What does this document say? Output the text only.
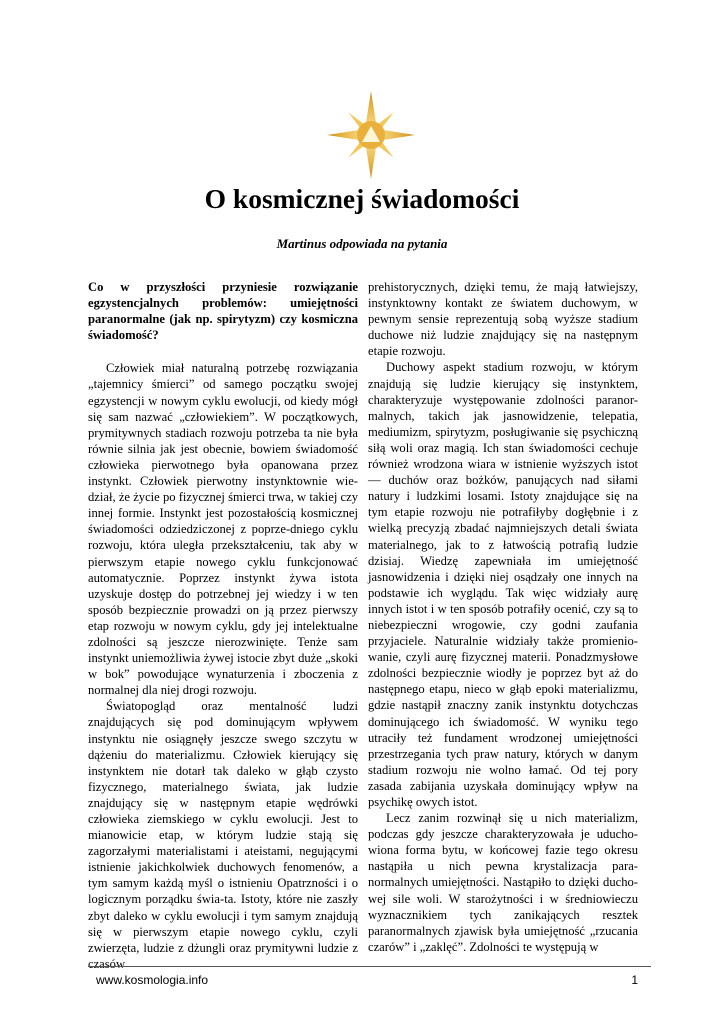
O kosmicznej świadomości

Martinus odpowiada na pytania

Co w przyszłości przyniesie rozwiązanie egzystencjalnych problemów: umiejętności paranormalne (jak np. spirytyzm) czy kosmiczna świadomość?

Człowiek miał naturalną potrzebę rozwiązania „tajemnicy śmierci” od samego początku swojej egzystencji w nowym cyklu ewolucji, od kiedy mógł się sam nazwać „człowiekiem”. W początkowych, prymitywnych stadiach rozwoju potrzeba ta nie była równie silnia jak jest obecnie, bowiem świadomość człowieka pierwotnego była opanowana przez instynkt. Człowiek pierwotny instynktownie wie-dział, że życie po fizycznej śmierci trwa, w takiej czy innej formie. Instynkt jest pozostałością kosmicznej świadomości odziedziczonej z poprze-dniego cyklu rozwoju, która uległa przekształceniu, tak aby w pierwszym etapie nowego cyklu funkcjonować automatycznie. Poprzez instynkt żywa istota uzyskuje dostęp do potrzebnej jej wiedzy i w ten sposób bezpiecznie prowadzi on ją przez pierwszy etap rozwoju w nowym cyklu, gdy jej intelektualne zdolności są jeszcze nierozwinięte. Tenże sam instynkt uniemożliwia żywej istocie zbyt duże „skoki w bok” powodujące wynaturzenia i zboczenia z normalnej dla niej drogi rozwoju.

Światopogląd oraz mentalność ludzi znajdujących się pod dominującym wpływem instynktu nie osiągnęły jeszcze swego szczytu w dążeniu do materializmu. Człowiek kierujący się instynktem nie dotarł tak daleko w głąb czysto fizycznego, materialnego świata, jak ludzie znajdujący się w następnym etapie wędrówki człowieka ziemskiego w cyklu ewolucji. Jest to mianowicie etap, w którym ludzie stają się zagorzałymi materialistami i ateistami, negującymi istnienie jakichkolwiek duchowych fenomenów, a tym samym każdą myśl o istnieniu Opatrzności i o logicznym porządku świa-ta. Istoty, które nie zaszły zbyt daleko w cyklu ewolucji i tym samym znajdują się w pierwszym etapie nowego cyklu, czyli zwierzęta, ludzie z dżungli oraz prymitywni ludzie z czasów

prehistorycznych, dzięki temu, że mają łatwiejszy, instynktowny kontakt ze światem duchowym, w pewnym sensie reprezentują sobą wyższe stadium duchowe niż ludzie znajdujący się na następnym etapie rozwoju.

Duchowy aspekt stadium rozwoju, w którym znajdują się ludzie kierujący się instynktem, charakteryzuje występowanie zdolności paranor-malnych, takich jak jasnowidzenie, telepatia, mediumizm, spirytyzm, posługiwanie się psychiczną siłą woli oraz magią. Ich stan świadomości cechuje również wrodzona wiara w istnienie wyższych istot — duchów oraz bożków, panujących nad siłami natury i ludzkimi losami. Istoty znajdujące się na tym etapie rozwoju nie potrafiłyby dogłębnie i z wielką precyzją zbadać najmniejszych detali świata materialnego, jak to z łatwością potrafią ludzie dzisiaj. Wiedzę zapewniała im umiejętność jasnowidzenia i dzięki niej osądzały one innych na podstawie ich wyglądu. Tak więc widziały aurę innych istot i w ten sposób potrafiły ocenić, czy są to niebezpieczni wrogowie, czy godni zaufania przyjaciele. Naturalnie widziały także promienio-wanie, czyli aurę fizycznej materii. Ponadzmysłowe zdolności bezpiecznie wiodły je poprzez byt aż do następnego etapu, nieco w głąb epoki materializmu, gdzie nastąpił znaczny zanik instynktu dotychczas dominującego ich świadomość. W wyniku tego utraciły też fundament wrodzonej umiejętności przestrzegania tych praw natury, których w danym stadium rozwoju nie wolno łamać. Od tej pory zasada zabijania uzyskała dominujący wpływ na psychikę owych istot.

Lecz zanim rozwinął się u nich materializm, podczas gdy jeszcze charakteryzowała je uducho-wiona forma bytu, w końcowej fazie tego okresu nastąpiła u nich pewna krystalizacja para-normalnych umiejętności. Nastąpiło to dzięki ducho-wej sile woli. W starożytności i w średniowieczu wyznacznikiem tych zanikających resztek paranormalnych zjawisk była umiejętność „rzucania czarów” i „zaklęć”. Zdolności te występują w

www.kosmologia.info	1
